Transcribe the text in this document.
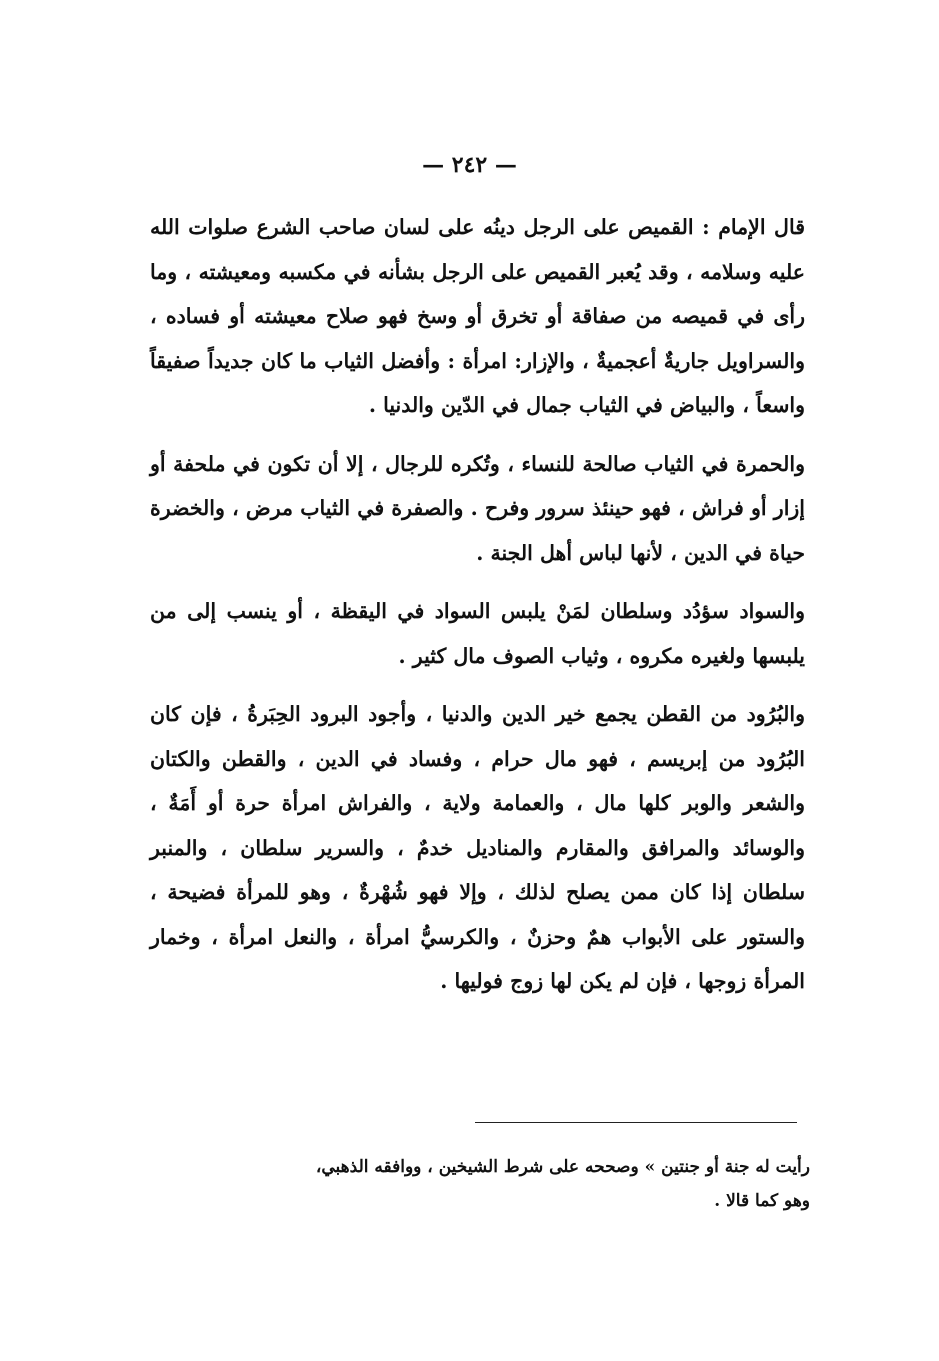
— ٢٤٢ —

قال الإمام : القميص على الرجل دينُه على لسان صاحب الشرع صلوات الله عليه وسلامه ، وقد يُعبر القميص على الرجل بشأنه في مكسبه ومعيشته ، وما رأى في قميصه من صفاقة أو تخرق أو وسخ فهو صلاح معيشته أو فساده ، والسراويل جاريةٌ أعجميةٌ ، والإزار: امرأة : وأفضل الثياب ما كان جديداً صفيقاً واسعاً ، والبياض في الثياب جمال في الدّين والدنيا .

والحمرة في الثياب صالحة للنساء ، وتُكره للرجال ، إلا أن تكون في ملحفة أو إزار أو فراش ، فهو حينئذ سرور وفرح . والصفرة في الثياب مرض ، والخضرة حياة في الدين ، لأنها لباس أهل الجنة .

والسواد سؤدُد وسلطان لمَنْ يلبس السواد في اليقظة ، أو ينسب إلى من يلبسها ولغيره مكروه ، وثياب الصوف مال كثير .

والبُرُود من القطن يجمع خير الدين والدنيا ، وأجود البرود الحِبَرةُ ، فإن كان البُرُود من إبريسم ، فهو مال حرام ، وفساد في الدين ، والقطن والكتان والشعر والوبر كلها مال ، والعمامة ولاية ، والفراش امرأة حرة أو أَمَةٌ ، والوسائد والمرافق والمقارم والمناديل خدمٌ ، والسرير سلطان ، والمنبر سلطان إذا كان ممن يصلح لذلك ، وإلا فهو شُهْرةٌ ، وهو للمرأة فضيحة ، والستور على الأبواب همٌ وحزنٌ ، والكرسيُّ امرأة ، والنعل امرأة ، وخمار المرأة زوجها ، فإن لم يكن لها زوج فوليها .

رأيت له جنة أو جنتين » وصححه على شرط الشيخين ، ووافقه الذهبي،
وهو كما قالا .
